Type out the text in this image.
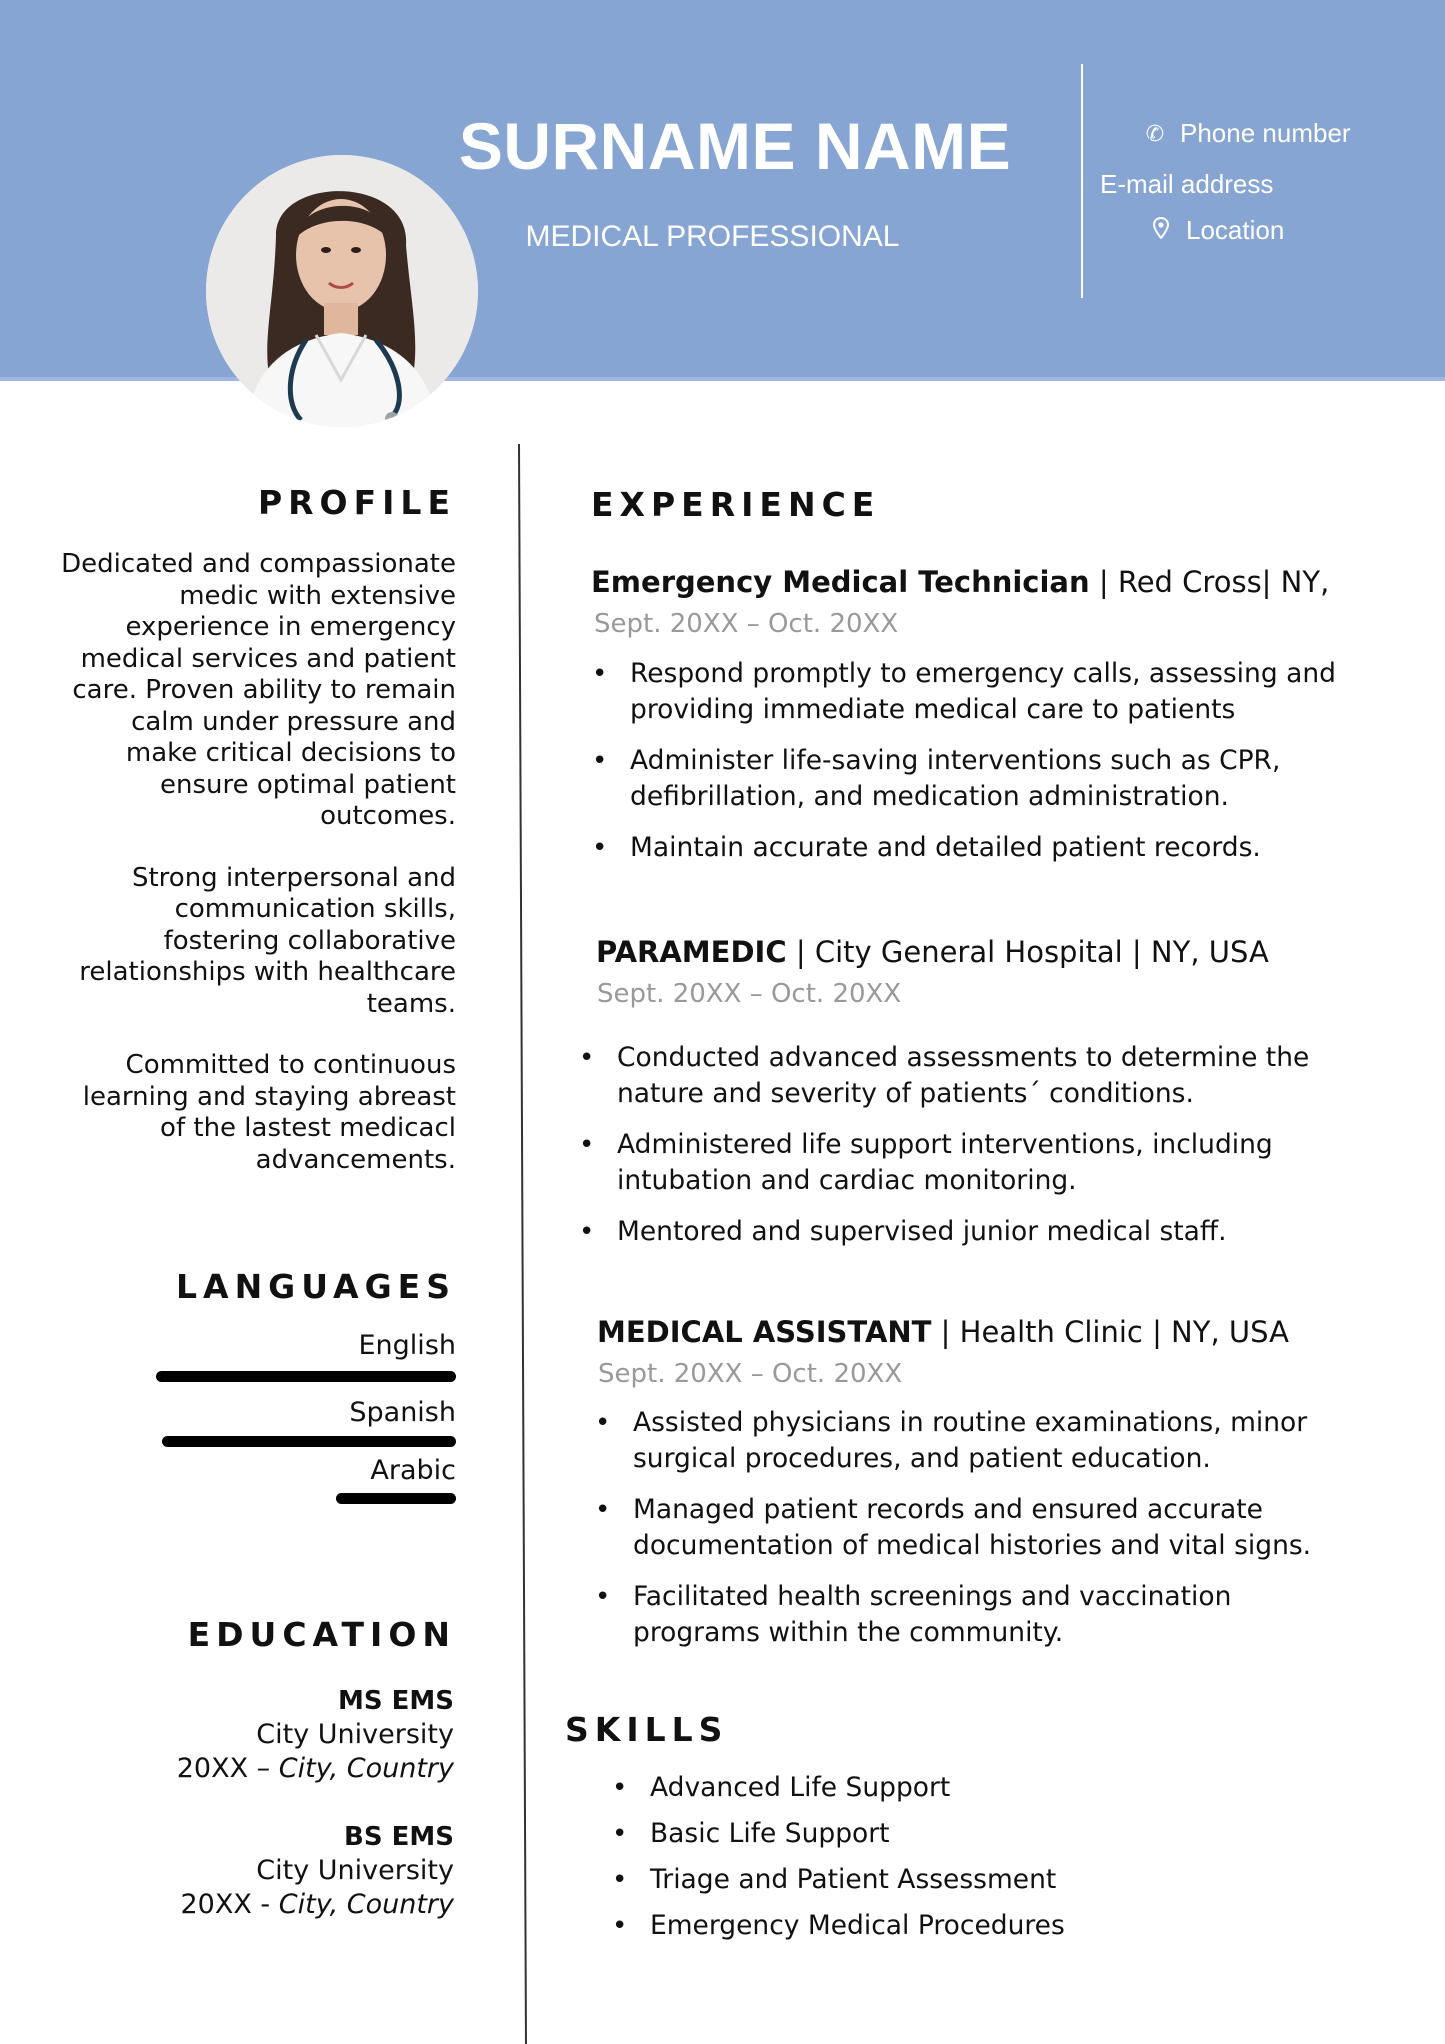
SURNAME NAME
MEDICAL PROFESSIONAL
✆ Phone number
E-mail address
Location
PROFILE

Dedicated and compassionate medic with extensive experience in emergency medical services and patient care. Proven ability to remain calm under pressure and make critical decisions to ensure optimal patient outcomes.

Strong interpersonal and communication skills, fostering collaborative relationships with healthcare teams.

Committed to continuous learning and staying abreast of the lastest medicacl advancements.

LANGUAGES
English
Spanish
Arabic
EDUCATION
MS EMS
City University
20XX – City, Country
BS EMS
City University
20XX - City, Country
EXPERIENCE
Emergency Medical Technician | Red Cross| NY,
Sept. 20XX – Oct. 20XX
• Respond promptly to emergency calls, assessing and providing immediate medical care to patients
• Administer life-saving interventions such as CPR, defibrillation, and medication administration.
• Maintain accurate and detailed patient records.
PARAMEDIC | City General Hospital | NY, USA
Sept. 20XX – Oct. 20XX
• Conducted advanced assessments to determine the nature and severity of patients´ conditions.
• Administered life support interventions, including intubation and cardiac monitoring.
• Mentored and supervised junior medical staff.
MEDICAL ASSISTANT | Health Clinic | NY, USA
Sept. 20XX – Oct. 20XX
• Assisted physicians in routine examinations, minor surgical procedures, and patient education.
• Managed patient records and ensured accurate documentation of medical histories and vital signs.
• Facilitated health screenings and vaccination programs within the community.
SKILLS
• Advanced Life Support
• Basic Life Support
• Triage and Patient Assessment
• Emergency Medical Procedures
